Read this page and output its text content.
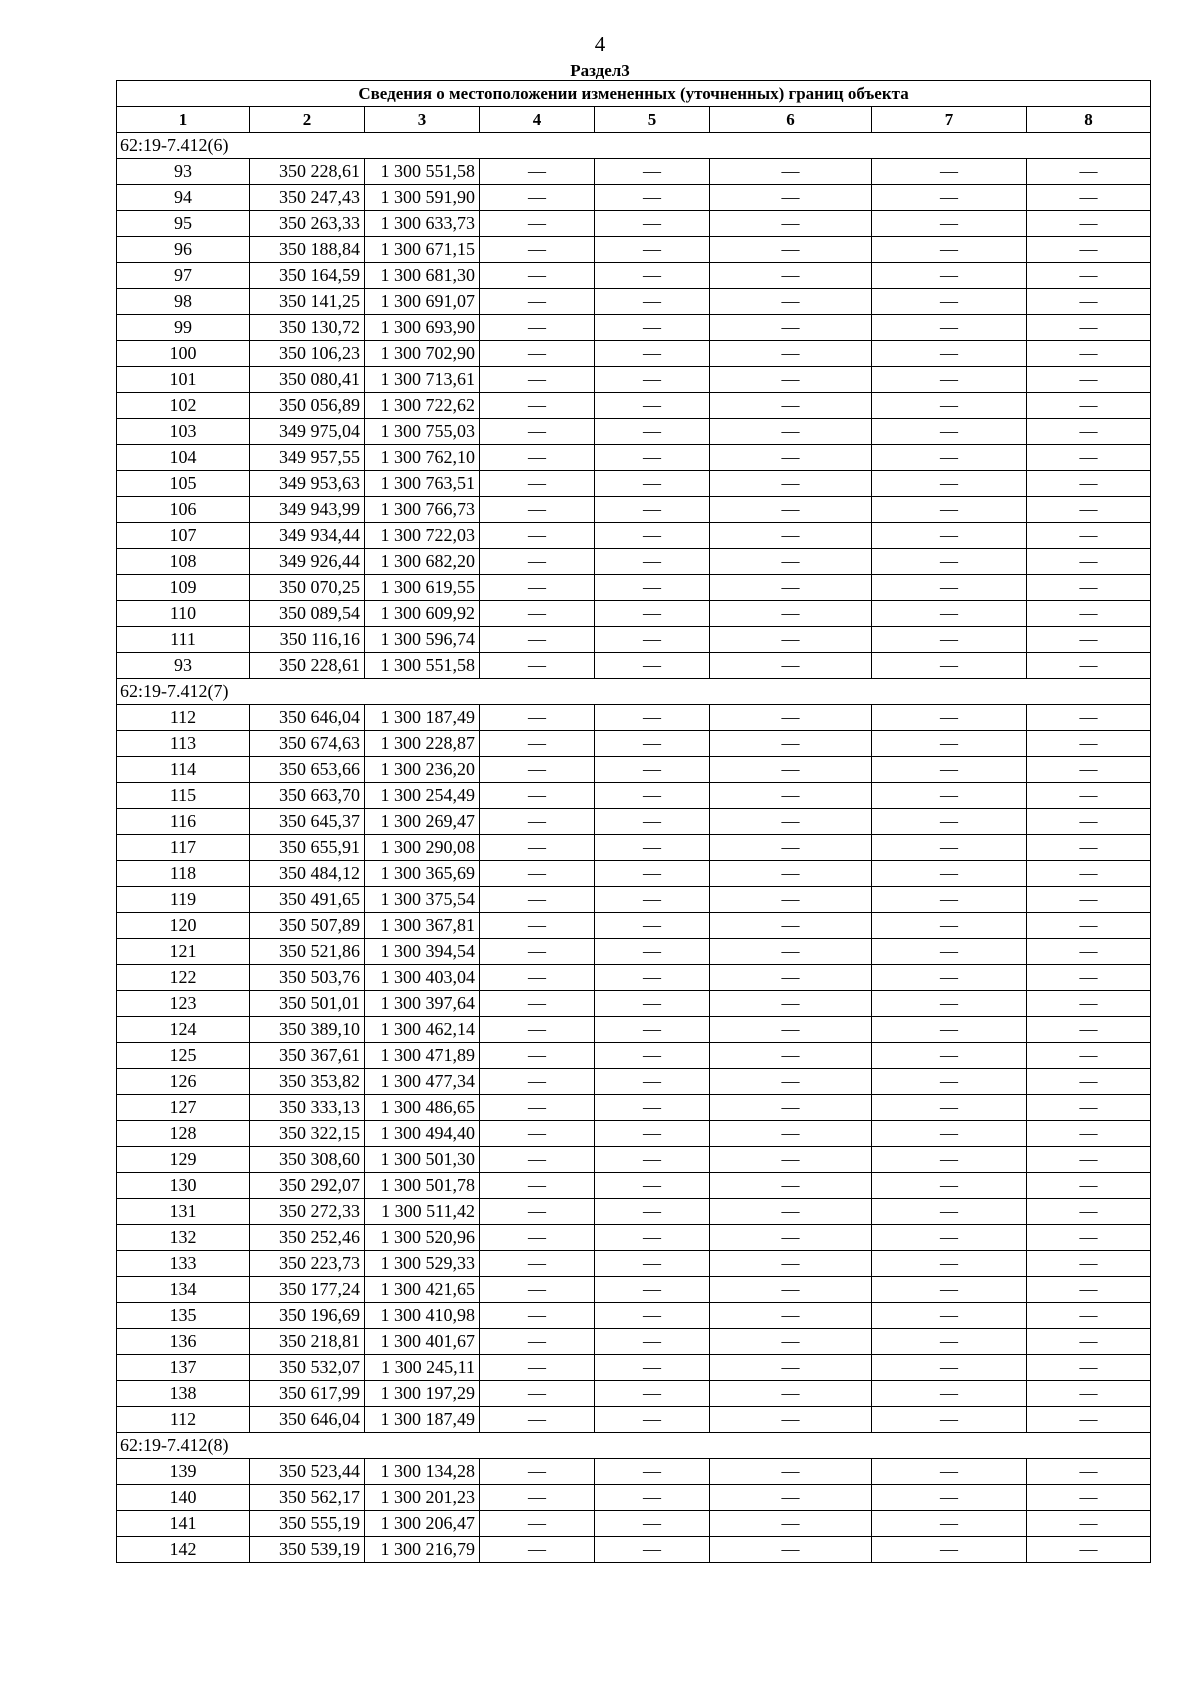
4
Раздел3
Сведения о местоположении измененных (уточненных) границ объекта							
1	2	3	4	5	6	7	8
62:19-7.412(6)							
93	350 228,61	1 300 551,58	—	—	—	—	—
94	350 247,43	1 300 591,90	—	—	—	—	—
95	350 263,33	1 300 633,73	—	—	—	—	—
96	350 188,84	1 300 671,15	—	—	—	—	—
97	350 164,59	1 300 681,30	—	—	—	—	—
98	350 141,25	1 300 691,07	—	—	—	—	—
99	350 130,72	1 300 693,90	—	—	—	—	—
100	350 106,23	1 300 702,90	—	—	—	—	—
101	350 080,41	1 300 713,61	—	—	—	—	—
102	350 056,89	1 300 722,62	—	—	—	—	—
103	349 975,04	1 300 755,03	—	—	—	—	—
104	349 957,55	1 300 762,10	—	—	—	—	—
105	349 953,63	1 300 763,51	—	—	—	—	—
106	349 943,99	1 300 766,73	—	—	—	—	—
107	349 934,44	1 300 722,03	—	—	—	—	—
108	349 926,44	1 300 682,20	—	—	—	—	—
109	350 070,25	1 300 619,55	—	—	—	—	—
110	350 089,54	1 300 609,92	—	—	—	—	—
111	350 116,16	1 300 596,74	—	—	—	—	—
93	350 228,61	1 300 551,58	—	—	—	—	—
62:19-7.412(7)							
112	350 646,04	1 300 187,49	—	—	—	—	—
113	350 674,63	1 300 228,87	—	—	—	—	—
114	350 653,66	1 300 236,20	—	—	—	—	—
115	350 663,70	1 300 254,49	—	—	—	—	—
116	350 645,37	1 300 269,47	—	—	—	—	—
117	350 655,91	1 300 290,08	—	—	—	—	—
118	350 484,12	1 300 365,69	—	—	—	—	—
119	350 491,65	1 300 375,54	—	—	—	—	—
120	350 507,89	1 300 367,81	—	—	—	—	—
121	350 521,86	1 300 394,54	—	—	—	—	—
122	350 503,76	1 300 403,04	—	—	—	—	—
123	350 501,01	1 300 397,64	—	—	—	—	—
124	350 389,10	1 300 462,14	—	—	—	—	—
125	350 367,61	1 300 471,89	—	—	—	—	—
126	350 353,82	1 300 477,34	—	—	—	—	—
127	350 333,13	1 300 486,65	—	—	—	—	—
128	350 322,15	1 300 494,40	—	—	—	—	—
129	350 308,60	1 300 501,30	—	—	—	—	—
130	350 292,07	1 300 501,78	—	—	—	—	—
131	350 272,33	1 300 511,42	—	—	—	—	—
132	350 252,46	1 300 520,96	—	—	—	—	—
133	350 223,73	1 300 529,33	—	—	—	—	—
134	350 177,24	1 300 421,65	—	—	—	—	—
135	350 196,69	1 300 410,98	—	—	—	—	—
136	350 218,81	1 300 401,67	—	—	—	—	—
137	350 532,07	1 300 245,11	—	—	—	—	—
138	350 617,99	1 300 197,29	—	—	—	—	—
112	350 646,04	1 300 187,49	—	—	—	—	—
62:19-7.412(8)							
139	350 523,44	1 300 134,28	—	—	—	—	—
140	350 562,17	1 300 201,23	—	—	—	—	—
141	350 555,19	1 300 206,47	—	—	—	—	—
142	350 539,19	1 300 216,79	—	—	—	—	—
